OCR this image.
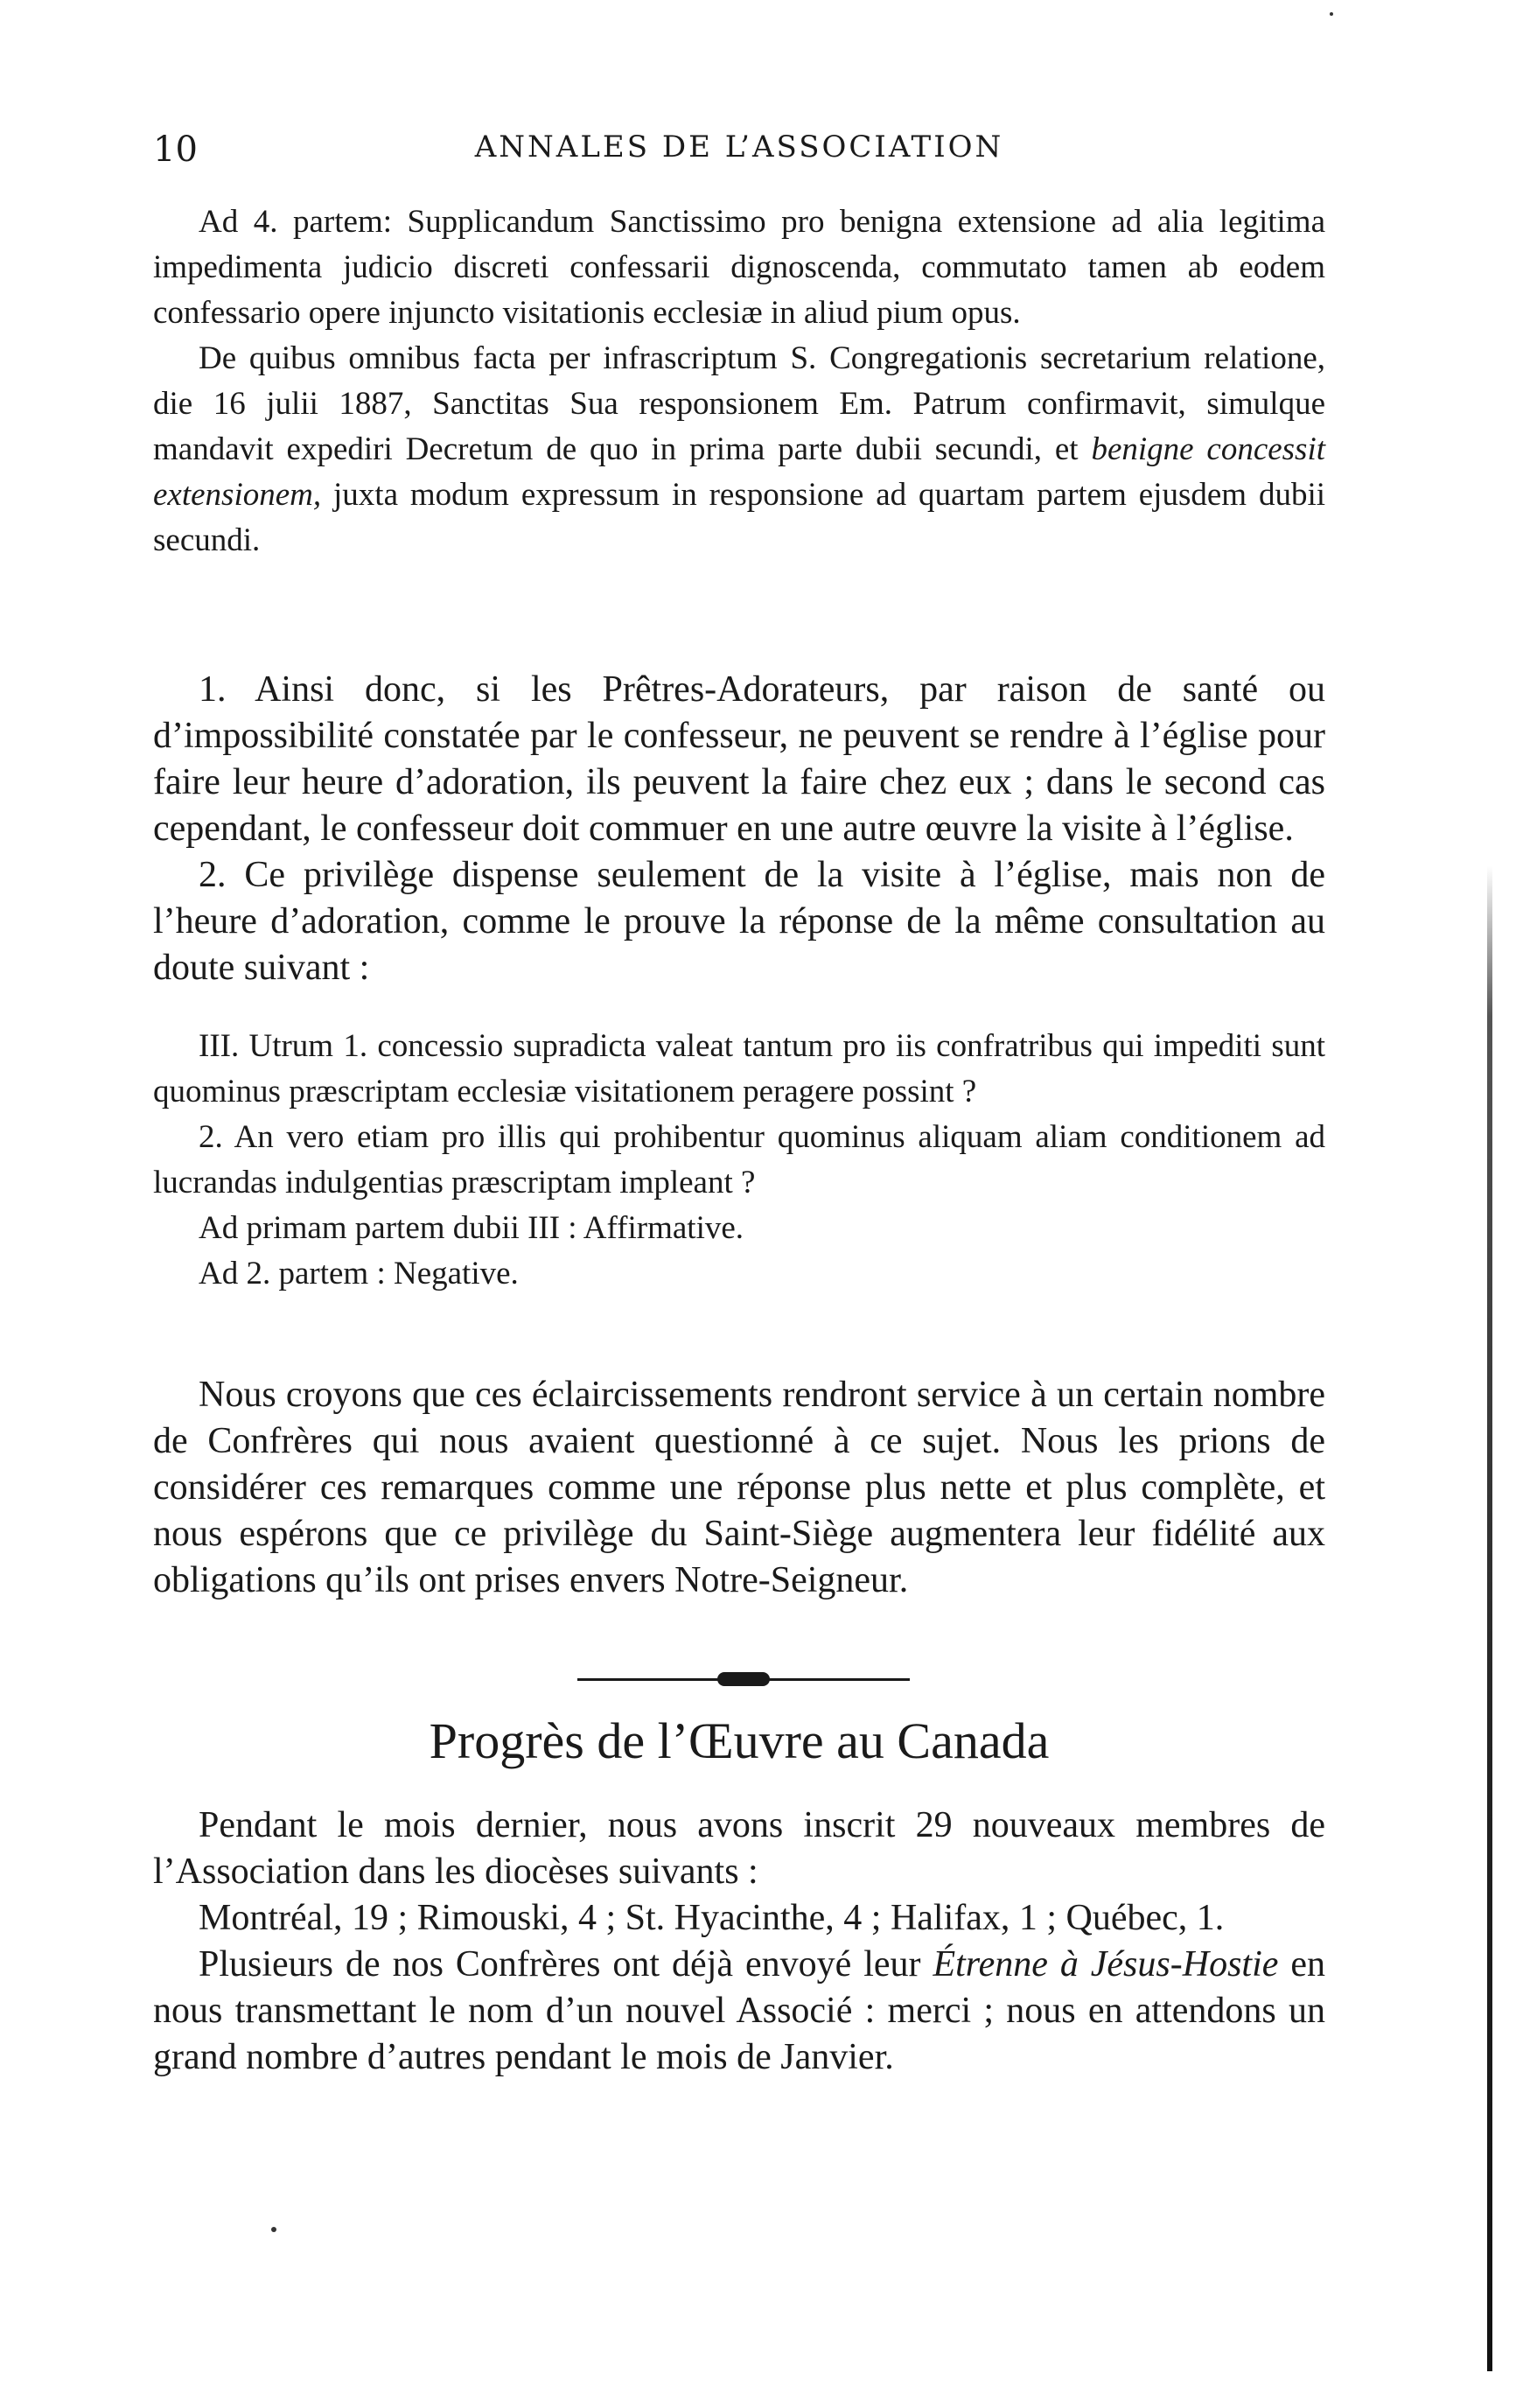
10	ANNALES DE L’ASSOCIATION

Ad 4. partem: Supplicandum Sanctissimo pro benigna extensione ad alia legitima impedimenta judicio discreti confessarii dignoscenda, commutato tamen ab eodem confessario opere injuncto visitationis ecclesiæ in aliud pium opus.

De quibus omnibus facta per infrascriptum S. Congregationis secretarium relatione, die 16 julii 1887, Sanctitas Sua responsionem Em. Patrum confirmavit, simulque mandavit expediri Decretum de quo in prima parte dubii secundi, et benigne concessit extensionem, juxta modum expressum in responsione ad quartam partem ejusdem dubii secundi.

1. Ainsi donc, si les Prêtres-Adorateurs, par raison de santé ou d’impossibilité constatée par le confesseur, ne peuvent se rendre à l’église pour faire leur heure d’adoration, ils peuvent la faire chez eux ; dans le second cas cependant, le confesseur doit commuer en une autre œuvre la visite à l’église.

2. Ce privilège dispense seulement de la visite à l’église, mais non de l’heure d’adoration, comme le prouve la réponse de la même consultation au doute suivant :

III. Utrum 1. concessio supradicta valeat tantum pro iis confratribus qui impediti sunt quominus præscriptam ecclesiæ visitationem peragere possint ?

2. An vero etiam pro illis qui prohibentur quominus aliquam aliam conditionem ad lucrandas indulgentias præscriptam impleant ?

Ad primam partem dubii III : Affirmative.

Ad 2. partem : Negative.

Nous croyons que ces éclaircissements rendront service à un certain nombre de Confrères qui nous avaient questionné à ce sujet. Nous les prions de considérer ces remarques comme une réponse plus nette et plus complète, et nous espérons que ce privilège du Saint-Siège augmentera leur fidélité aux obligations qu’ils ont prises envers Notre-Seigneur.

Progrès de l’Œuvre au Canada

Pendant le mois dernier, nous avons inscrit 29 nouveaux membres de l’Association dans les diocèses suivants :

Montréal, 19 ; Rimouski, 4 ; St. Hyacinthe, 4 ; Halifax, 1 ; Québec, 1.

Plusieurs de nos Confrères ont déjà envoyé leur Étrenne à Jésus-Hostie en nous transmettant le nom d’un nouvel Associé : merci ; nous en attendons un grand nombre d’autres pendant le mois de Janvier.
